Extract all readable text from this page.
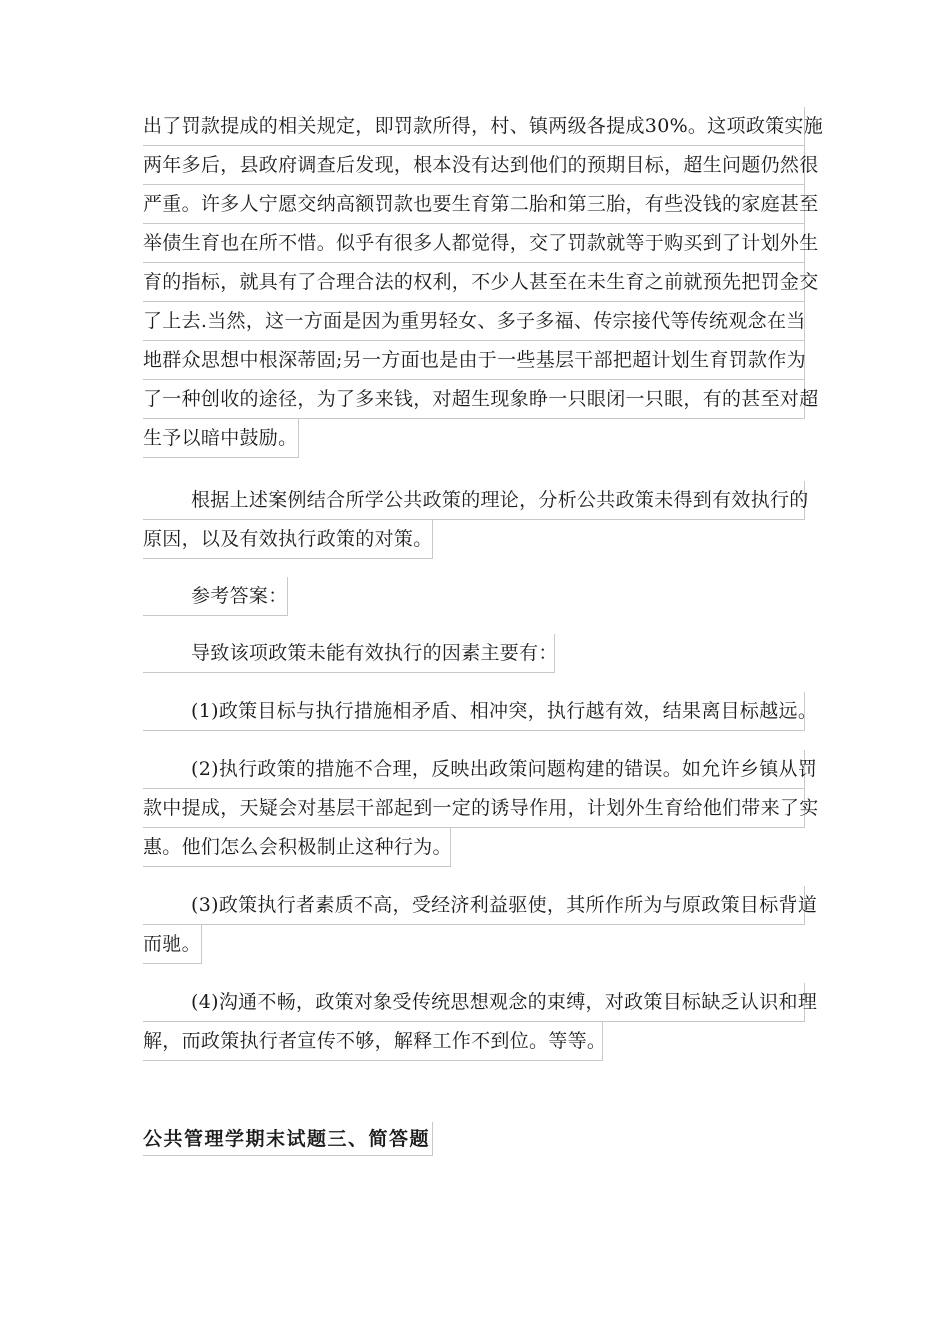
出了罚款提成的相关规定，即罚款所得，村、镇两级各提成30%。这项政策实施
两年多后，县政府调查后发现，根本没有达到他们的预期目标，超生问题仍然很
严重。许多人宁愿交纳高额罚款也要生育第二胎和第三胎，有些没钱的家庭甚至
举债生育也在所不惜。似乎有很多人都觉得，交了罚款就等于购买到了计划外生
育的指标，就具有了合理合法的权利，不少人甚至在未生育之前就预先把罚金交
了上去.当然，这一方面是因为重男轻女、多子多福、传宗接代等传统观念在当
地群众思想中根深蒂固;另一方面也是由于一些基层干部把超计划生育罚款作为
了一种创收的途径，为了多来钱，对超生现象睁一只眼闭一只眼，有的甚至对超
生予以暗中鼓励。
根据上述案例结合所学公共政策的理论，分析公共政策未得到有效执行的
原因，以及有效执行政策的对策。
参考答案：
导致该项政策未能有效执行的因素主要有：
(1)政策目标与执行措施相矛盾、相冲突，执行越有效，结果离目标越远。
(2)执行政策的措施不合理，反映出政策问题构建的错误。如允许乡镇从罚
款中提成，天疑会对基层干部起到一定的诱导作用，计划外生育给他们带来了实
惠。他们怎么会积极制止这种行为。
(3)政策执行者素质不高，受经济利益驱使，其所作所为与原政策目标背道
而驰。
(4)沟通不畅，政策对象受传统思想观念的束缚，对政策目标缺乏认识和理
解，而政策执行者宣传不够，解释工作不到位。等等。
公共管理学期末试题三、简答题
